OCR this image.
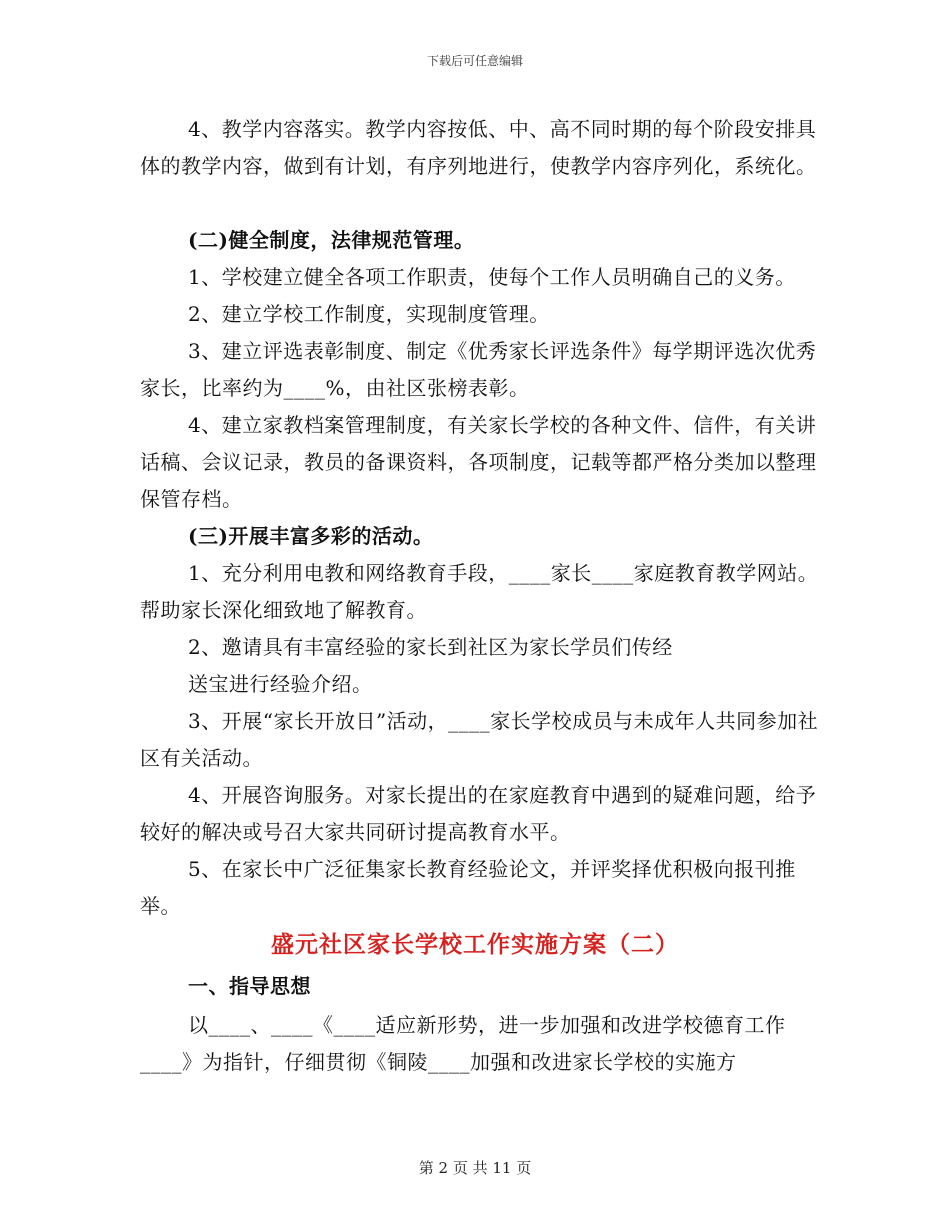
下载后可任意编辑

4、教学内容落实。教学内容按低、中、高不同时期的每个阶段安排具体的教学内容，做到有计划，有序列地进行，使教学内容序列化，系统化。

(二)健全制度，法律规范管理。

1、学校建立健全各项工作职责，使每个工作人员明确自己的义务。

2、建立学校工作制度，实现制度管理。

3、建立评选表彰制度、制定《优秀家长评选条件》每学期评选次优秀家长，比率约为____%，由社区张榜表彰。

4、建立家教档案管理制度，有关家长学校的各种文件、信件，有关讲话稿、会议记录，教员的备课资料，各项制度，记载等都严格分类加以整理保管存档。

(三)开展丰富多彩的活动。

1、充分利用电教和网络教育手段，____家长____家庭教育教学网站。帮助家长深化细致地了解教育。

2、邀请具有丰富经验的家长到社区为家长学员们传经

送宝进行经验介绍。

3、开展“家长开放日”活动，____家长学校成员与未成年人共同参加社区有关活动。

4、开展咨询服务。对家长提出的在家庭教育中遇到的疑难问题，给予较好的解决或号召大家共同研讨提高教育水平。

5、在家长中广泛征集家长教育经验论文，并评奖择优积极向报刊推举。

盛元社区家长学校工作实施方案（二）

一、指导思想

以____、____《____适应新形势，进一步加强和改进学校德育工作____》为指针，仔细贯彻《铜陵____加强和改进家长学校的实施方

第 2 页 共 11 页
